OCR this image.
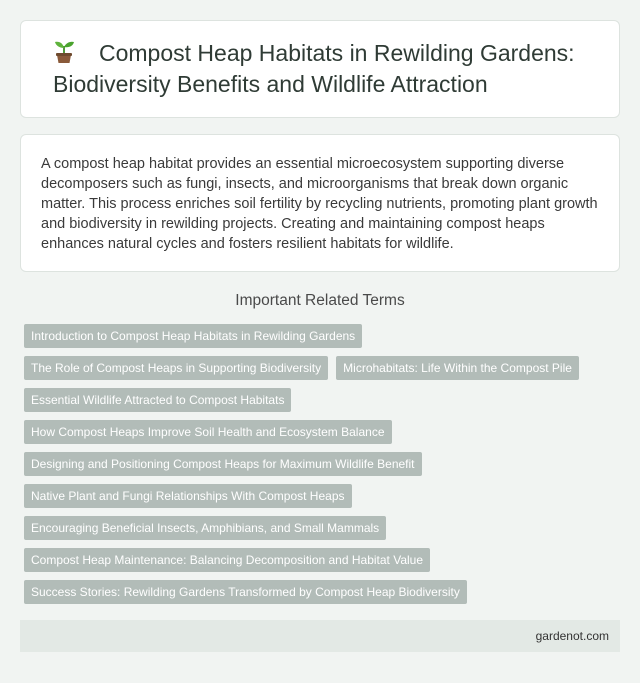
Compost Heap Habitats in Rewilding Gardens: Biodiversity Benefits and Wildlife Attraction

A compost heap habitat provides an essential microecosystem supporting diverse decomposers such as fungi, insects, and microorganisms that break down organic matter. This process enriches soil fertility by recycling nutrients, promoting plant growth and biodiversity in rewilding projects. Creating and maintaining compost heaps enhances natural cycles and fosters resilient habitats for wildlife.

Important Related Terms
Introduction to Compost Heap Habitats in Rewilding Gardens
The Role of Compost Heaps in Supporting Biodiversity	Microhabitats: Life Within the Compost Pile
Essential Wildlife Attracted to Compost Habitats
How Compost Heaps Improve Soil Health and Ecosystem Balance
Designing and Positioning Compost Heaps for Maximum Wildlife Benefit
Native Plant and Fungi Relationships With Compost Heaps
Encouraging Beneficial Insects, Amphibians, and Small Mammals
Compost Heap Maintenance: Balancing Decomposition and Habitat Value
Success Stories: Rewilding Gardens Transformed by Compost Heap Biodiversity
gardenot.com
